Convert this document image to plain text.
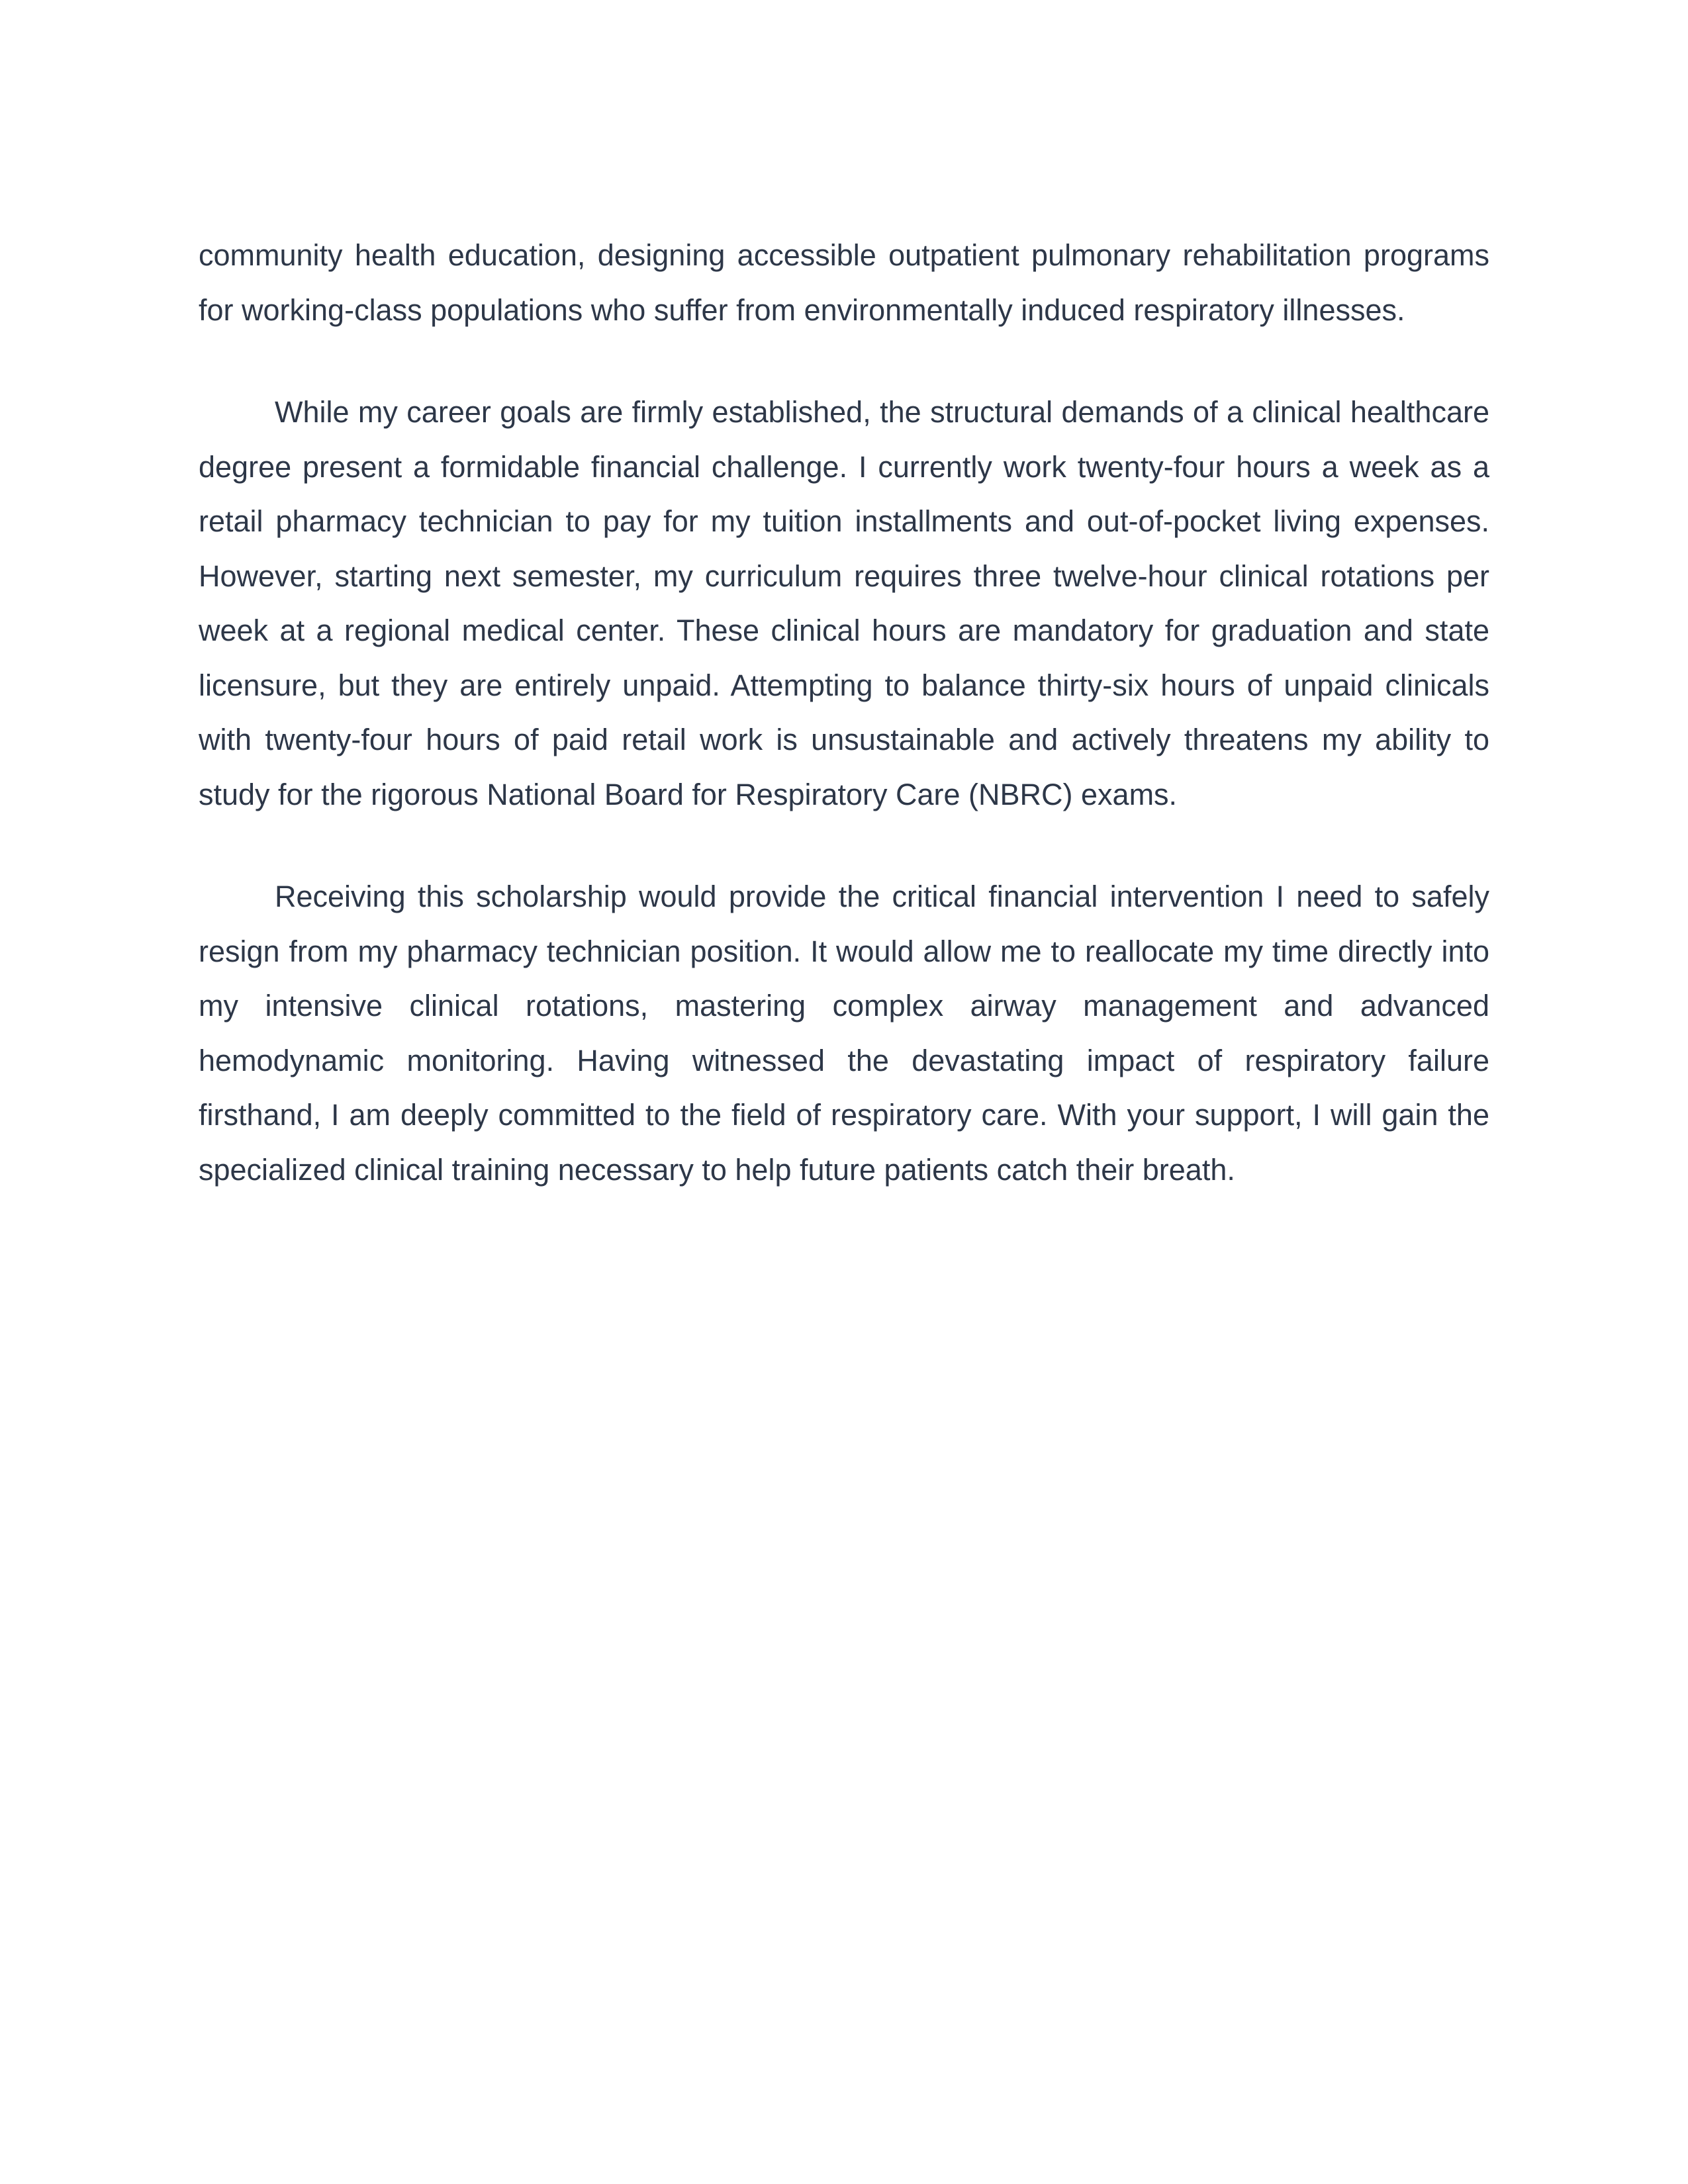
community health education, designing accessible outpatient pulmonary rehabilitation programs for working-class populations who suffer from environmentally induced respiratory illnesses.

While my career goals are firmly established, the structural demands of a clinical healthcare degree present a formidable financial challenge. I currently work twenty-four hours a week as a retail pharmacy technician to pay for my tuition installments and out-of-pocket living expenses. However, starting next semester, my curriculum requires three twelve-hour clinical rotations per week at a regional medical center. These clinical hours are mandatory for graduation and state licensure, but they are entirely unpaid. Attempting to balance thirty-six hours of unpaid clinicals with twenty-four hours of paid retail work is unsustainable and actively threatens my ability to study for the rigorous National Board for Respiratory Care (NBRC) exams.

Receiving this scholarship would provide the critical financial intervention I need to safely resign from my pharmacy technician position. It would allow me to reallocate my time directly into my intensive clinical rotations, mastering complex airway management and advanced hemodynamic monitoring. Having witnessed the devastating impact of respiratory failure firsthand, I am deeply committed to the field of respiratory care. With your support, I will gain the specialized clinical training necessary to help future patients catch their breath.
